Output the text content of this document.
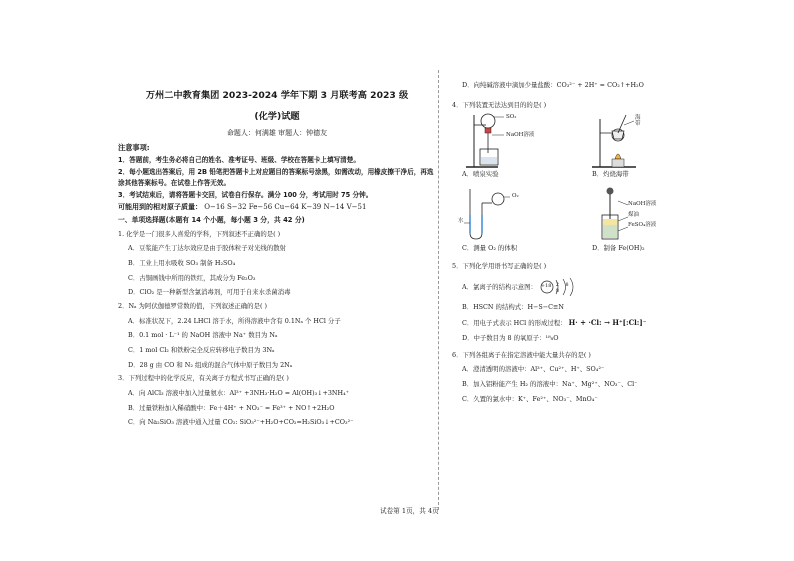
万州二中教育集团 2023-2024 学年下期 3 月联考高 2023 级
(化学)试题
命题人：何满雄 审题人：钟德友
注意事项:
1．答题前，考生务必将自己的姓名、准考证号、班级、学校在答题卡上填写清楚。
2．每小题选出答案后，用 2B 铅笔把答题卡上对应题目的答案标号涂黑，如需改动，用橡皮擦干净后，再选涂其他答案标号。在试卷上作答无效。
3．考试结束后，请将答题卡交回，试卷自行保存。满分 100 分，考试用时 75 分钟。
可能用到的相对原子质量： O−16 S−32 Fe−56 Cu−64 K−39 N−14 V−51
一、单项选择题(本题有 14 个小题，每小题 3 分，共 42 分)
1. 化学是一门很多人喜爱的学科，下列叙述不正确的是( )
A．豆浆能产生丁达尔效应是由于胶体粒子对光线的散射
B．工业上用水吸收 SO₃ 制备 H₂SO₄
C．古铜画钱中所用的铁红，其成分为 Fe₂O₃
D．ClO₂ 是一种新型含氯消毒剂，可用于自来水杀菌消毒
2．Nₐ 为阿伏伽德罗常数的值，下列叙述正确的是( )
A．标准状况下，2.24 LHCl 溶于水，所得溶液中含有 0.1Nₐ 个 HCl 分子
B．0.1 mol · L⁻¹ 的 NaOH 溶液中 Na⁺ 数目为 Nₐ
C．1 mol Cl₂ 和铁粉完全反应转移电子数目为 3Nₐ
D．28 g 由 CO 和 N₂ 组成的混合气体中原子数目为 2Nₐ
3．下列过程中的化学反应，有关离子方程式书写正确的是( )
A．向 AlCl₃ 溶液中加入过量氨水：Al³⁺ +3NH₃·H₂O = Al(OH)₃↓+3NH₄⁺
B．过量铁粉加入稀硝酸中：Fe＋4H⁺ + NO₃⁻ = Fe³⁺ + NO↑+2H₂O
C．向 Na₂SiO₃ 溶液中通入过量 CO₂: SiO₃²⁻+H₂O+CO₂=H₂SiO₃↓+CO₃²⁻
D．向纯碱溶液中滴加少量盐酸：CO₃²⁻ + 2H⁺ = CO₂↑+H₂O
4．下列装置无法达到目的的是( )
SO₂
NaOH溶液
海带
A．喷泉实验	B．灼烧海带
O₂
水
NaOH溶液
煤油
FeSO₄溶液
C．测量 O₂ 的体积	D．制备 Fe(OH)₂
5．下列化学用语书写正确的是( )
A．氯离子的结构示意图： +18 2 8 8
B．HSCN 的结构式：H−S−C≡N
C．用电子式表示 HCl 的形成过程： H· + ·Cl: → H⁺[:Cl:]⁻
D．中子数目为 8 的氧原子：¹⁸₈O
6．下列各组离子在指定溶液中能大量共存的是( )
A．澄清透明的溶液中：Al³⁺、Cu²⁺、H⁺、SO₄²⁻
B．加入铝粉能产生 H₂ 的溶液中：Na⁺、Mg²⁺、NO₃⁻、Cl⁻
C．久置的氯水中：K⁺、Fe²⁺、NO₃⁻、MnO₄⁻
试卷第 1页，共 4页
